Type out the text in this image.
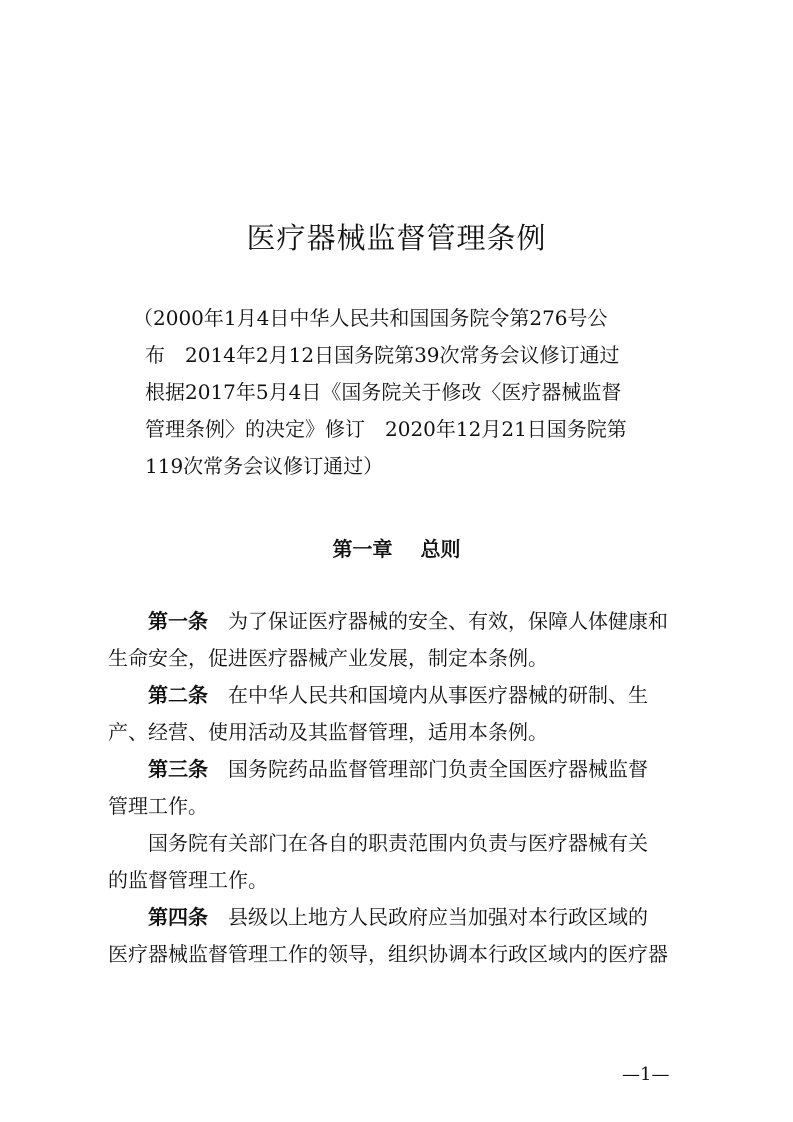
医疗器械监督管理条例
（2000年1月4日中华人民共和国国务院令第276号公
布　2014年2月12日国务院第39次常务会议修订通过
根据2017年5月4日《国务院关于修改〈医疗器械监督
管理条例〉的决定》修订　2020年12月21日国务院第
119次常务会议修订通过）
第一章 总则
第一条　 为了保证医疗器械的安全、有效，保障人体健康和
生命安全，促进医疗器械产业发展，制定本条例。
第二条　 在中华人民共和国境内从事医疗器械的研制、生
产、经营、使用活动及其监督管理，适用本条例。
第三条　 国务院药品监督管理部门负责全国医疗器械监督
管理工作。
国务院有关部门在各自的职责范围内负责与医疗器械有关
的监督管理工作。
第四条　 县级以上地方人民政府应当加强对本行政区域的
医疗器械监督管理工作的领导，组织协调本行政区域内的医疗器
—1—
